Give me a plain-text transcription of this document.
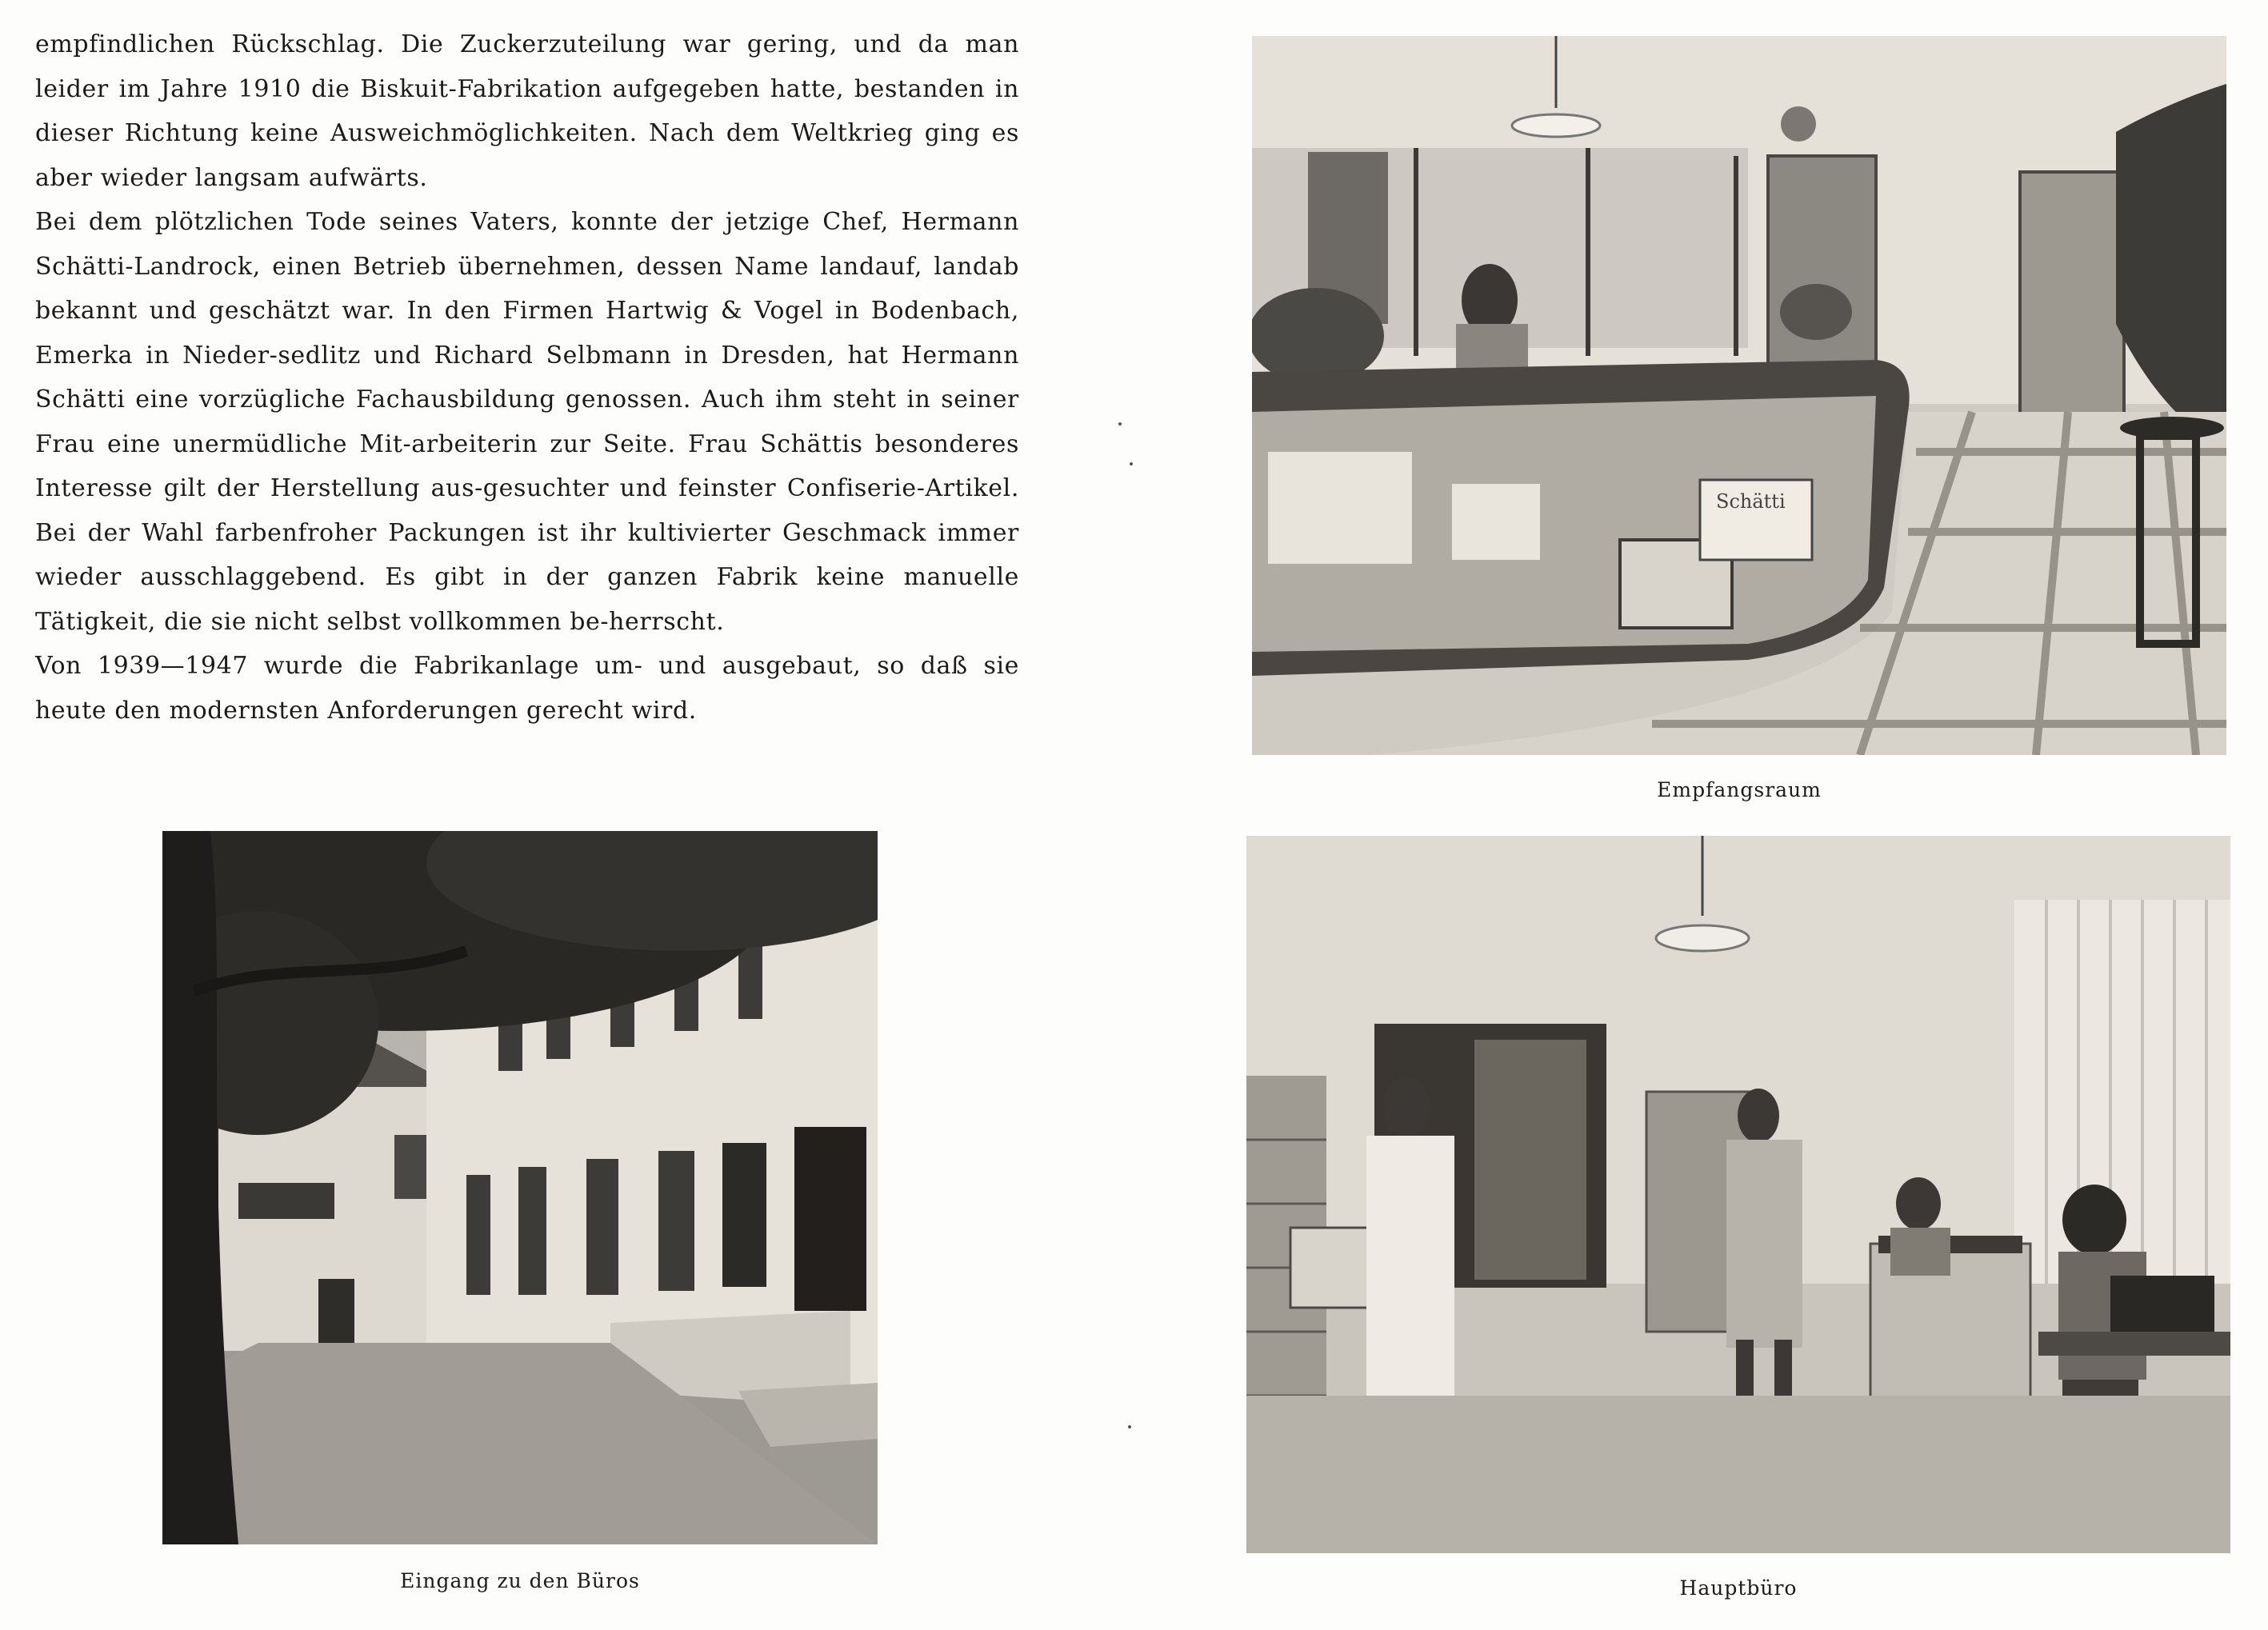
empfindlichen Rückschlag. Die Zuckerzuteilung war gering, und da man leider im Jahre 1910 die Biskuit-Fabrikation aufgegeben hatte, bestanden in dieser Richtung keine Ausweichmöglichkeiten. Nach dem Weltkrieg ging es aber wieder langsam aufwärts.

Bei dem plötzlichen Tode seines Vaters, konnte der jetzige Chef, Hermann Schätti-Landrock, einen Betrieb übernehmen, dessen Name landauf, landab bekannt und geschätzt war. In den Firmen Hartwig & Vogel in Bodenbach, Emerka in Nieder-sedlitz und Richard Selbmann in Dresden, hat Hermann Schätti eine vorzügliche Fachausbildung genossen. Auch ihm steht in seiner Frau eine unermüdliche Mit-arbeiterin zur Seite. Frau Schättis besonderes Interesse gilt der Herstellung aus-gesuchter und feinster Confiserie-Artikel. Bei der Wahl farbenfroher Packungen ist ihr kultivierter Geschmack immer wieder ausschlaggebend. Es gibt in der ganzen Fabrik keine manuelle Tätigkeit, die sie nicht selbst vollkommen be-herrscht.

Von 1939—1947 wurde die Fabrikanlage um- und ausgebaut, so daß sie heute den modernsten Anforderungen gerecht wird.

Eingang zu den Büros
Schätti
Empfangsraum
Hauptbüro
